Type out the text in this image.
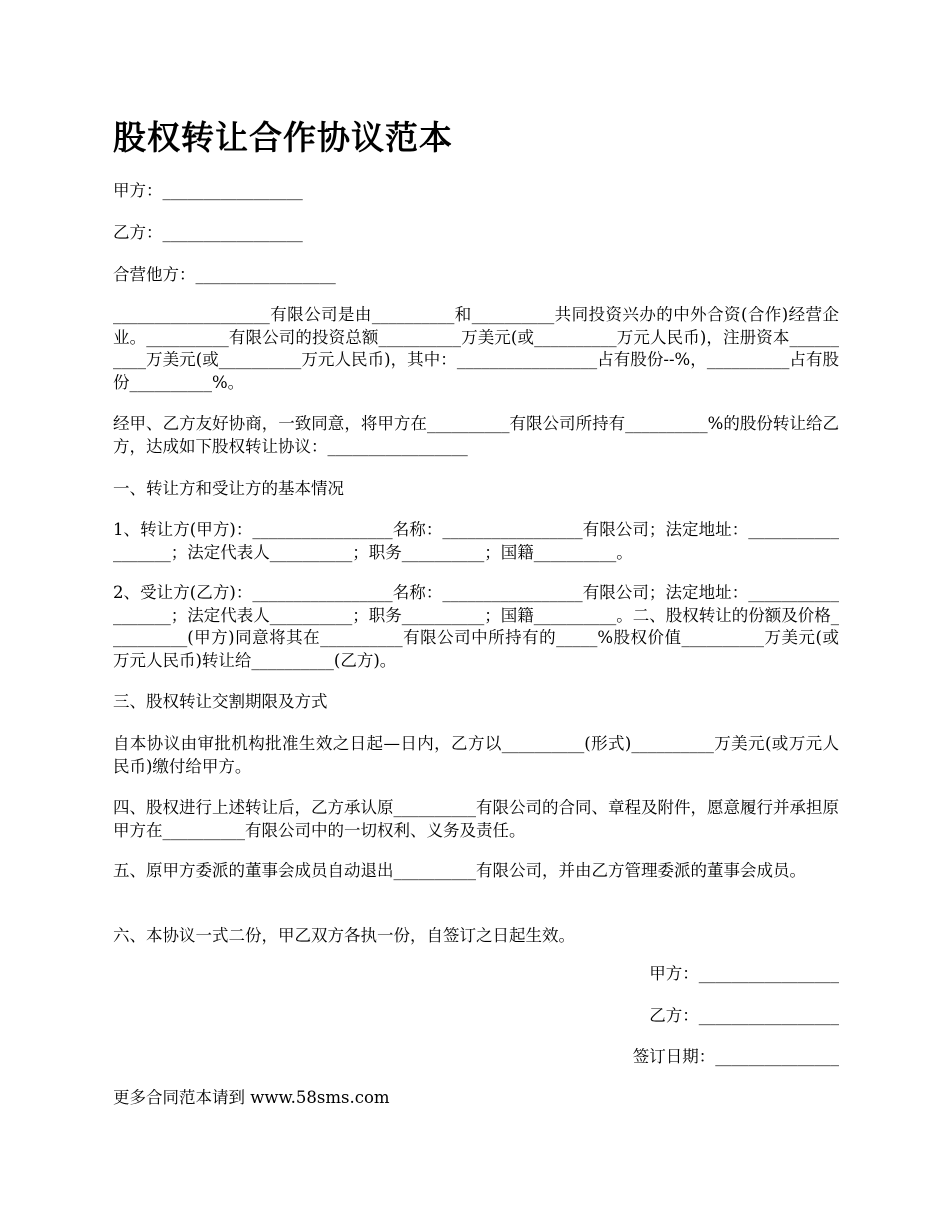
股权转让合作协议范本

甲方：_________________

乙方：_________________

合营他方：_________________

___________________有限公司是由__________和__________共同投资兴办的中外合资(合作)经营企业。__________有限公司的投资总额__________万美元(或__________万元人民币)，注册资本__________万美元(或__________万元人民币)，其中：_________________占有股份--%，__________占有股份__________%。

经甲、乙方友好协商，一致同意，将甲方在__________有限公司所持有__________%的股份转让给乙方，达成如下股权转让协议：_________________

一、转让方和受让方的基本情况

1、转让方(甲方)：_________________名称：_________________有限公司；法定地址：__________________；法定代表人__________；职务__________；国籍__________。

2、受让方(乙方)：_________________名称：_________________有限公司；法定地址：__________________；法定代表人__________；职务__________；国籍__________。二、股权转让的份额及价格__________(甲方)同意将其在__________有限公司中所持有的_____%股权价值__________万美元(或万元人民币)转让给__________(乙方)。

三、股权转让交割期限及方式

自本协议由审批机构批准生效之日起—日内，乙方以__________(形式)__________万美元(或万元人民币)缴付给甲方。

四、股权进行上述转让后，乙方承认原__________有限公司的合同、章程及附件，愿意履行并承担原甲方在__________有限公司中的一切权利、义务及责任。

五、原甲方委派的董事会成员自动退出__________有限公司，并由乙方管理委派的董事会成员。

六、本协议一式二份，甲乙双方各执一份，自签订之日起生效。

甲方：_________________

乙方：_________________

签订日期：_______________

更多合同范本请到 www.58sms.com
